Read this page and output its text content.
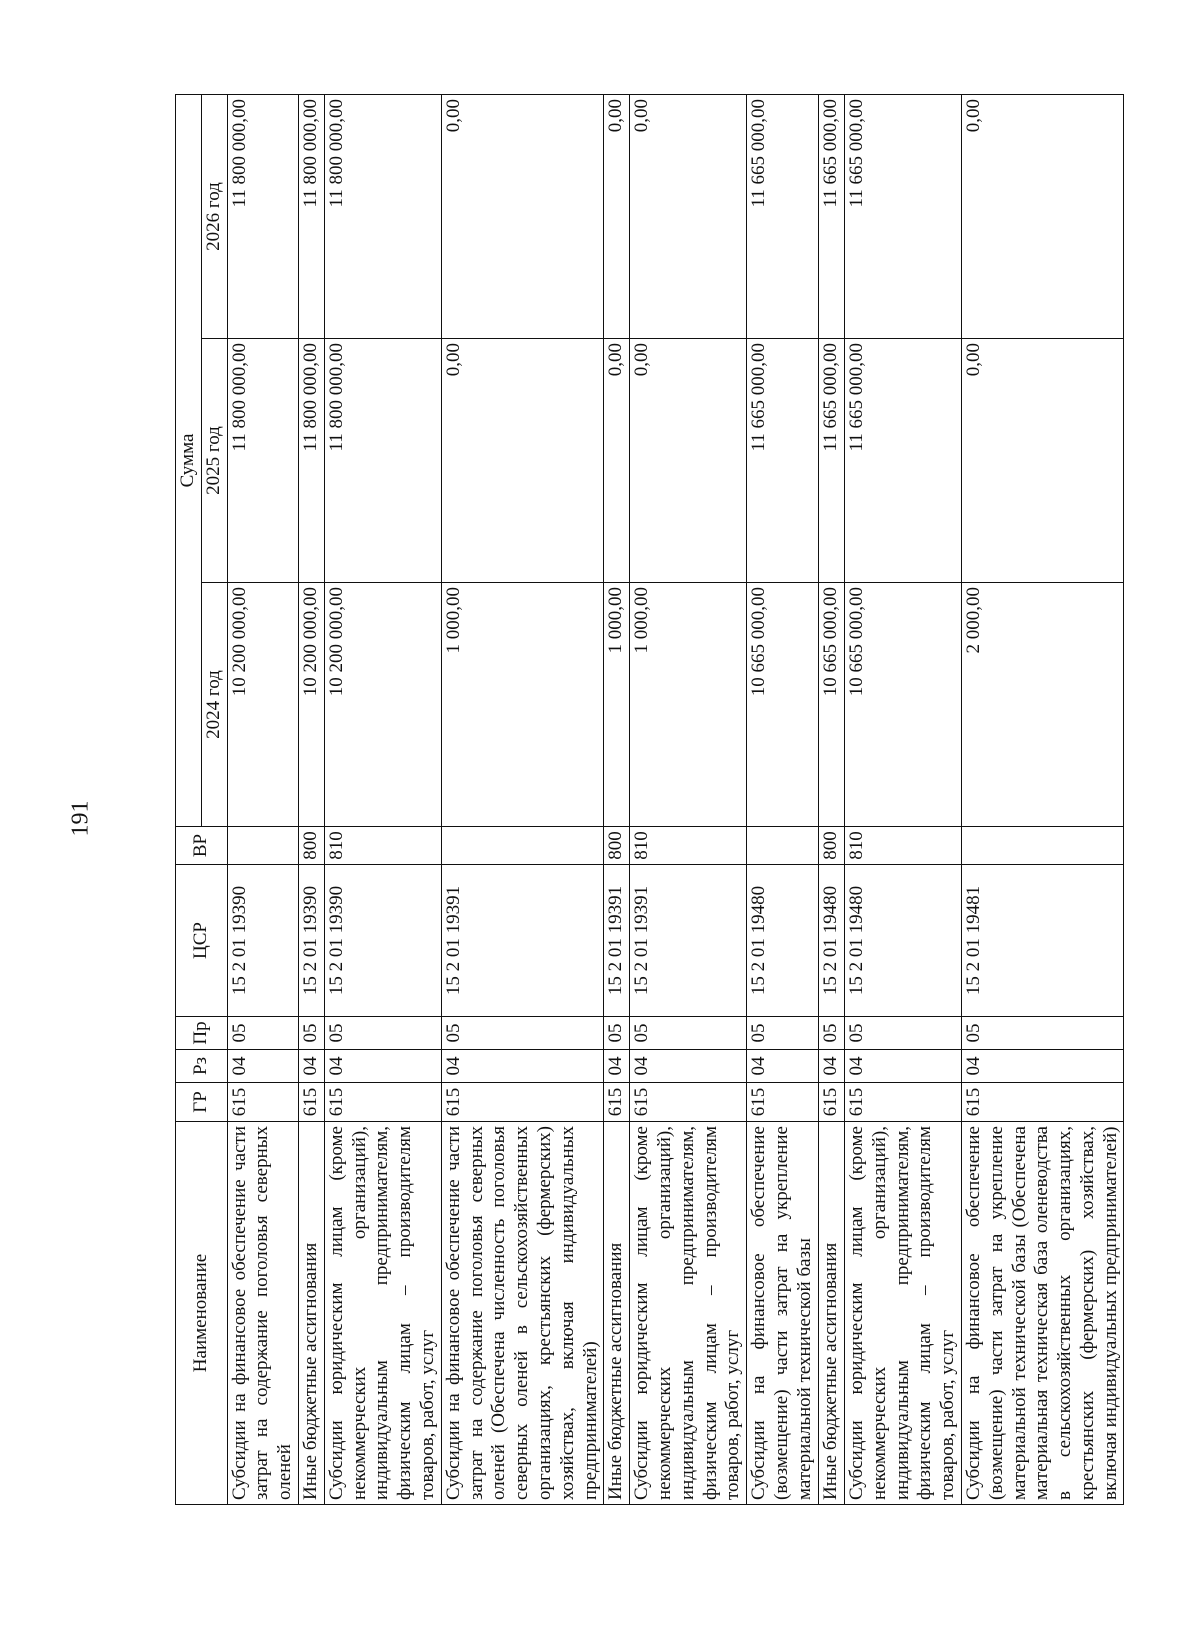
191
Наименование	ГР	Рз	Пр	ЦСР	ВР	Сумма		
						2024 год	2025 год	2026 год
Субсидии на финансовое обеспечение части затрат на содержание поголовья северных оленей	615	04	05	15 2 01 19390		10 200 000,00	11 800 000,00	11 800 000,00
Иные бюджетные ассигнования	615	04	05	15 2 01 19390	800	10 200 000,00	11 800 000,00	11 800 000,00
Субсидии юридическим лицам (кроме некоммерческих организаций), индивидуальным предпринимателям, физическим лицам – производителям товаров, работ, услуг	615	04	05	15 2 01 19390	810	10 200 000,00	11 800 000,00	11 800 000,00
Субсидии на финансовое обеспечение части затрат на содержание поголовья северных оленей (Обеспечена численность поголовья северных оленей в сельскохозяйственных организациях, крестьянских (фермерских) хозяйствах, включая индивидуальных предпринимателей)	615	04	05	15 2 01 19391		1 000,00	0,00	0,00
Иные бюджетные ассигнования	615	04	05	15 2 01 19391	800	1 000,00	0,00	0,00
Субсидии юридическим лицам (кроме некоммерческих организаций), индивидуальным предпринимателям, физическим лицам – производителям товаров, работ, услуг	615	04	05	15 2 01 19391	810	1 000,00	0,00	0,00
Субсидии на финансовое обеспечение (возмещение) части затрат на укрепление материальной технической базы	615	04	05	15 2 01 19480		10 665 000,00	11 665 000,00	11 665 000,00
Иные бюджетные ассигнования	615	04	05	15 2 01 19480	800	10 665 000,00	11 665 000,00	11 665 000,00
Субсидии юридическим лицам (кроме некоммерческих организаций), индивидуальным предпринимателям, физическим лицам – производителям товаров, работ, услуг	615	04	05	15 2 01 19480	810	10 665 000,00	11 665 000,00	11 665 000,00
Субсидии на финансовое обеспечение (возмещение) части затрат на укрепление материальной технической базы (Обеспечена материальная техническая база оленеводства в сельскохозяйственных организациях, крестьянских (фермерских) хозяйствах, включая индивидуальных предпринимателей)	615	04	05	15 2 01 19481		2 000,00	0,00	0,00
